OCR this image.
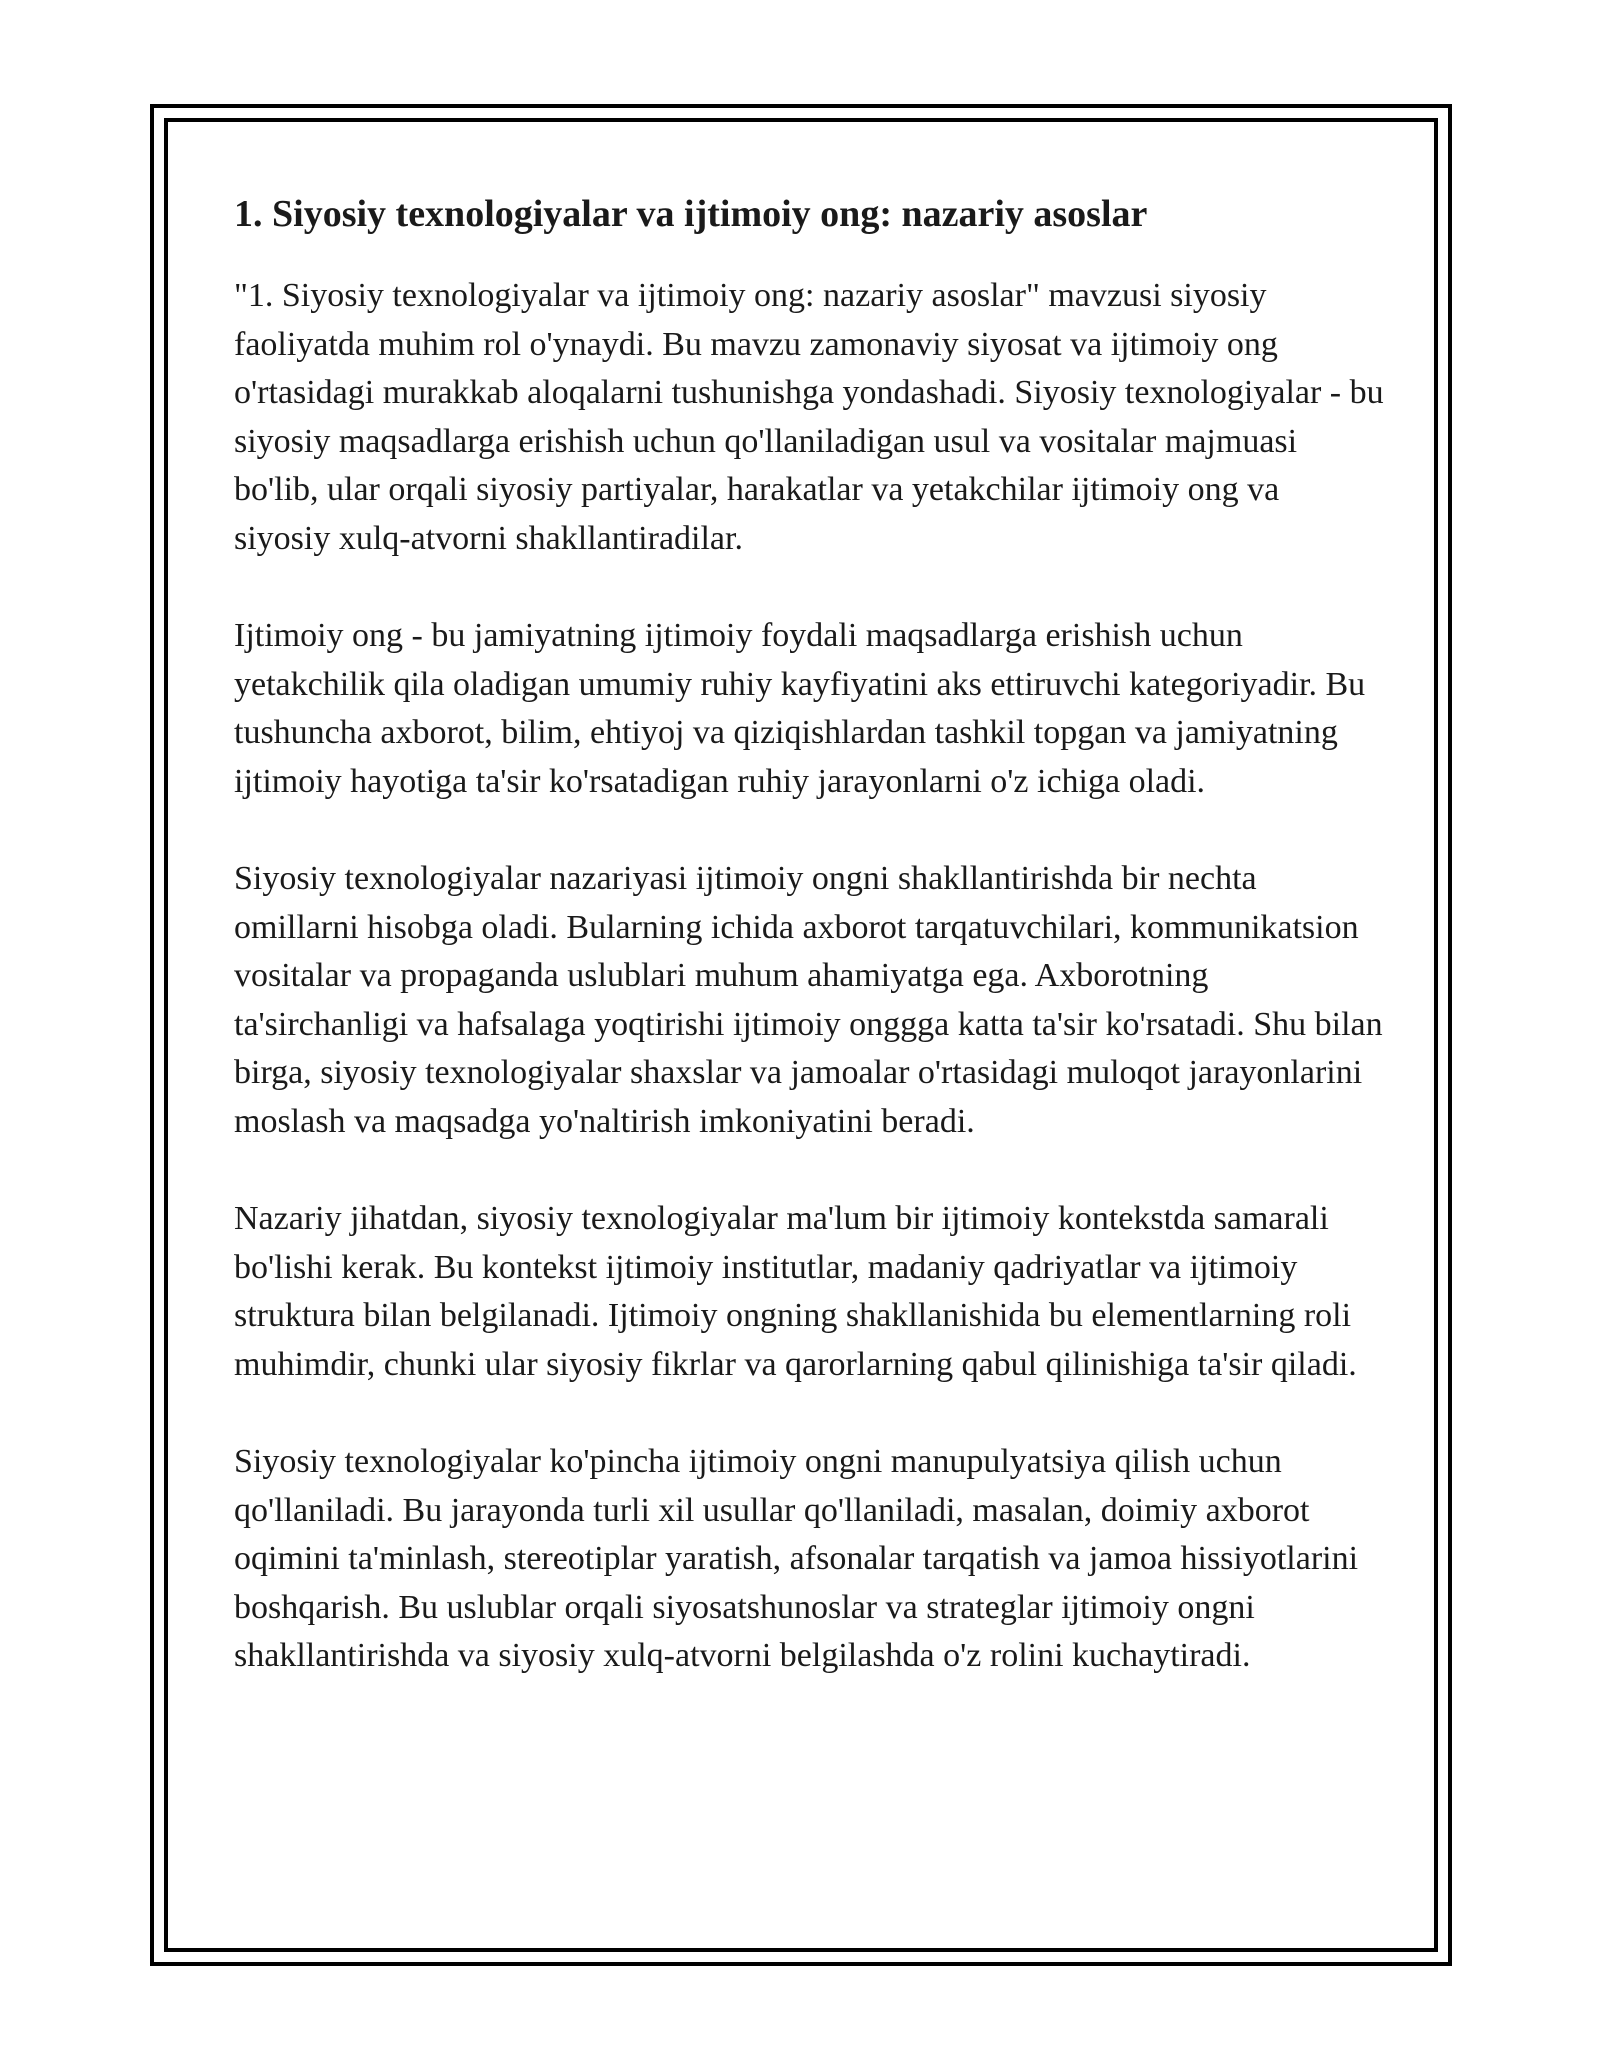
1. Siyosiy texnologiyalar va ijtimoiy ong: nazariy asoslar

"1. Siyosiy texnologiyalar va ijtimoiy ong: nazariy asoslar" mavzusi siyosiy faoliyatda muhim rol o'ynaydi. Bu mavzu zamonaviy siyosat va ijtimoiy ong o'rtasidagi murakkab aloqalarni tushunishga yondashadi. Siyosiy texnologiyalar - bu siyosiy maqsadlarga erishish uchun qo'llaniladigan usul va vositalar majmuasi bo'lib, ular orqali siyosiy partiyalar, harakatlar va yetakchilar ijtimoiy ong va siyosiy xulq-atvorni shakllantiradilar.

Ijtimoiy ong - bu jamiyatning ijtimoiy foydali maqsadlarga erishish uchun yetakchilik qila oladigan umumiy ruhiy kayfiyatini aks ettiruvchi kategoriyadir. Bu tushuncha axborot, bilim, ehtiyoj va qiziqishlardan tashkil topgan va jamiyatning ijtimoiy hayotiga ta'sir ko'rsatadigan ruhiy jarayonlarni o'z ichiga oladi.

Siyosiy texnologiyalar nazariyasi ijtimoiy ongni shakllantirishda bir nechta omillarni hisobga oladi. Bularning ichida axborot tarqatuvchilari, kommunikatsion vositalar va propaganda uslublari muhum ahamiyatga ega. Axborotning ta'sirchanligi va hafsalaga yoqtirishi ijtimoiy onggga katta ta'sir ko'rsatadi. Shu bilan birga, siyosiy texnologiyalar shaxslar va jamoalar o'rtasidagi muloqot jarayonlarini moslash va maqsadga yo'naltirish imkoniyatini beradi.

Nazariy jihatdan, siyosiy texnologiyalar ma'lum bir ijtimoiy kontekstda samarali bo'lishi kerak. Bu kontekst ijtimoiy institutlar, madaniy qadriyatlar va ijtimoiy struktura bilan belgilanadi. Ijtimoiy ongning shakllanishida bu elementlarning roli muhimdir, chunki ular siyosiy fikrlar va qarorlarning qabul qilinishiga ta'sir qiladi.

Siyosiy texnologiyalar ko'pincha ijtimoiy ongni manupulyatsiya qilish uchun qo'llaniladi. Bu jarayonda turli xil usullar qo'llaniladi, masalan, doimiy axborot oqimini ta'minlash, stereotiplar yaratish, afsonalar tarqatish va jamoa hissiyotlarini boshqarish. Bu uslublar orqali siyosatshunoslar va strateglar ijtimoiy ongni shakllantirishda va siyosiy xulq-atvorni belgilashda o'z rolini kuchaytiradi.
